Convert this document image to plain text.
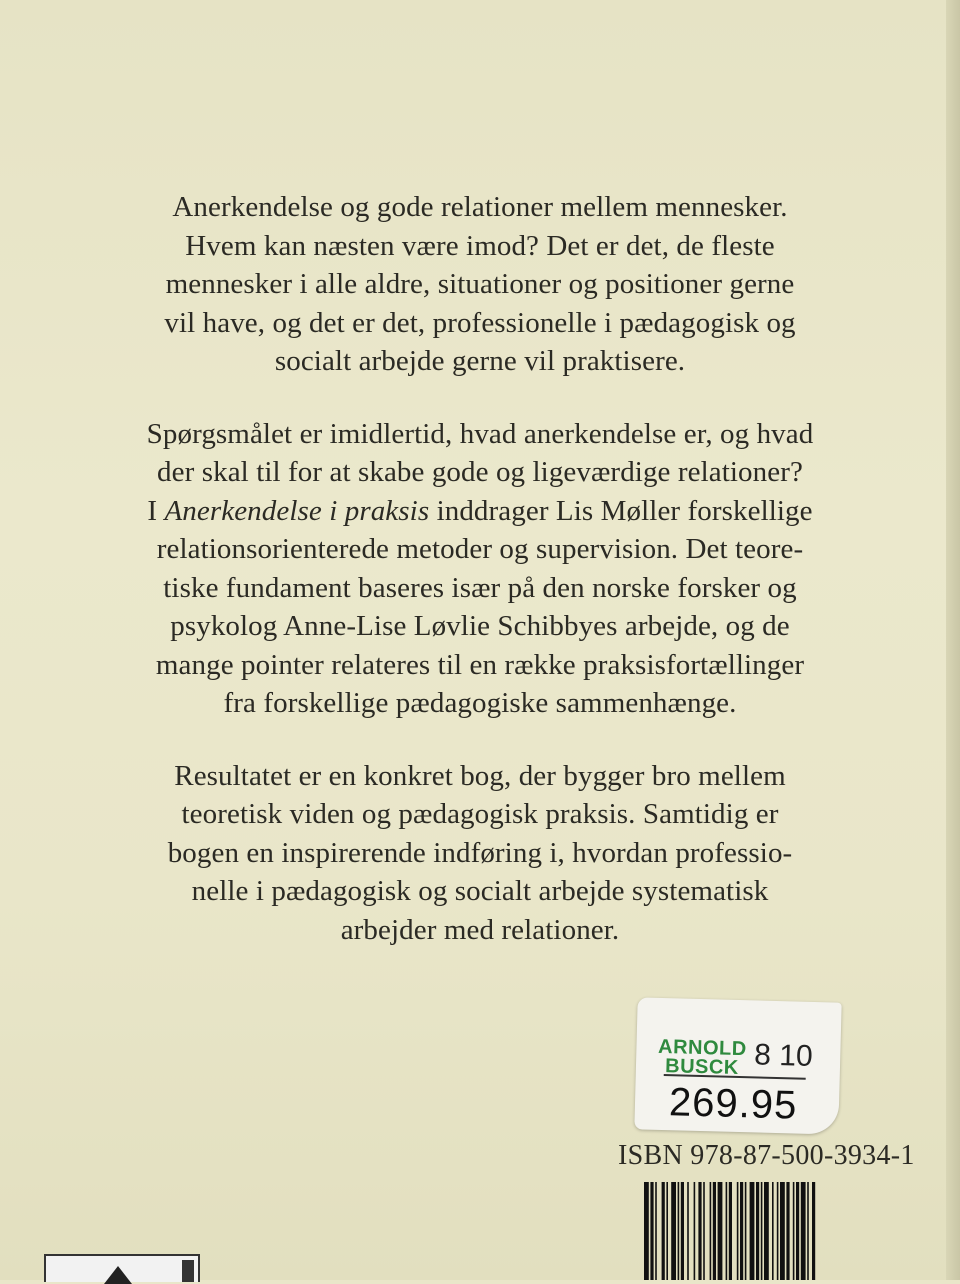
Anerkendelse og gode relationer mellem mennesker.
Hvem kan næsten være imod? Det er det, de fleste
mennesker i alle aldre, situationer og positioner gerne
vil have, og det er det, professionelle i pædagogisk og
socialt arbejde gerne vil praktisere.

Spørgsmålet er imidlertid, hvad anerkendelse er, og hvad
der skal til for at skabe gode og ligeværdige relationer?
I Anerkendelse i praksis inddrager Lis Møller forskellige
relationsorienterede metoder og supervision. Det teore-
tiske fundament baseres især på den norske forsker og
psykolog Anne-Lise Løvlie Schibbyes arbejde, og de
mange pointer relateres til en række praksisfortællinger
fra forskellige pædagogiske sammenhænge.

Resultatet er en konkret bog, der bygger bro mellem
teoretisk viden og pædagogisk praksis. Samtidig er
bogen en inspirerende indføring i, hvordan professio-
nelle i pædagogisk og socialt arbejde systematisk
arbejder med relationer.

ARNOLD
BUSCK 8 10
269.95
ISBN 978-87-500-3934-1
